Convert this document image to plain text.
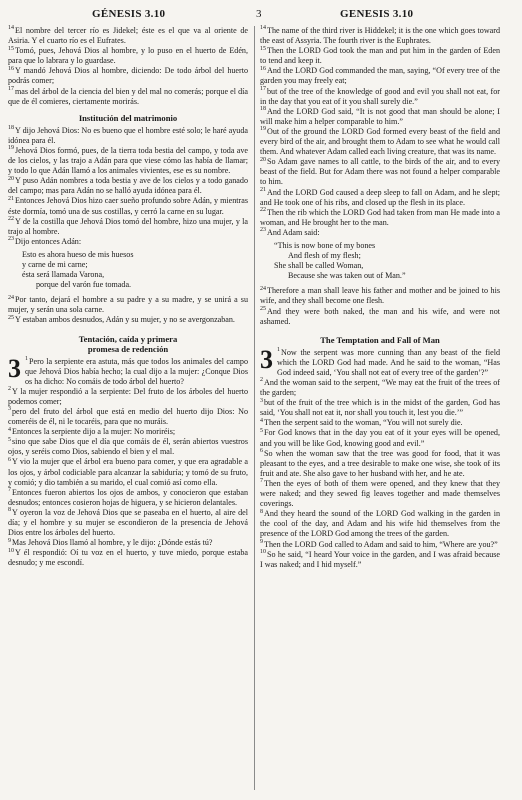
GÉNESIS 3.10	3	GENESIS 3.10

$^{14}$El nombre del tercer río es Jidekel; éste es el que va al oriente de Asiria. Y el cuarto río es el Eufrates.

$^{15}$Tomó, pues, Jehová Dios al hombre, y lo puso en el huerto de Edén, para que lo labrara y lo guardase.

$^{16}$Y mandó Jehová Dios al hombre, diciendo: De todo árbol del huerto podrás comer;

$^{17}$mas del árbol de la ciencia del bien y del mal no comerás; porque el día que de él comieres, ciertamente morirás.

Institución del matrimonio

$^{18}$Y dijo Jehová Dios: No es bueno que el hombre esté solo; le haré ayuda idónea para él.

$^{19}$Jehová Dios formó, pues, de la tierra toda bestia del campo, y toda ave de los cielos, y las trajo a Adán para que viese cómo las había de llamar; y todo lo que Adán llamó a los animales vivientes, ese es su nombre.

$^{20}$Y puso Adán nombres a toda bestia y ave de los cielos y a todo ganado del campo; mas para Adán no se halló ayuda idónea para él.

$^{21}$Entonces Jehová Dios hizo caer sueño profundo sobre Adán, y mientras éste dormía, tomó una de sus costillas, y cerró la carne en su lugar.

$^{22}$Y de la costilla que Jehová Dios tomó del hombre, hizo una mujer, y la trajo al hombre.

$^{23}$Dijo entonces Adán:

Esto es ahora hueso de mis huesos

y carne de mi carne;

ésta será llamada Varona,

porque del varón fue tomada.

$^{24}$Por tanto, dejará el hombre a su padre y a su madre, y se unirá a su mujer, y serán una sola carne.

$^{25}$Y estaban ambos desnudos, Adán y su mujer, y no se avergonzaban.

Tentación, caída y primera
promesa de redención

3 $^1$Pero la serpiente era astuta, más que todos los animales del campo que Jehová Dios había hecho; la cual dijo a la mujer: ¿Conque Dios os ha dicho: No comáis de todo árbol del huerto?

$^2$Y la mujer respondió a la serpiente: Del fruto de los árboles del huerto podemos comer;

$^3$pero del fruto del árbol que está en medio del huerto dijo Dios: No comeréis de él, ni le tocaréis, para que no muráis.

$^4$Entonces la serpiente dijo a la mujer: No moriréis;

$^5$sino que sabe Dios que el día que comáis de él, serán abiertos vuestros ojos, y seréis como Dios, sabiendo el bien y el mal.

$^6$Y vio la mujer que el árbol era bueno para comer, y que era agradable a los ojos, y árbol codiciable para alcanzar la sabiduría; y tomó de su fruto, y comió; y dio también a su marido, el cual comió así como ella.

$^7$Entonces fueron abiertos los ojos de ambos, y conocieron que estaban desnudos; entonces cosieron hojas de higuera, y se hicieron delantales.

$^8$Y oyeron la voz de Jehová Dios que se paseaba en el huerto, al aire del día; y el hombre y su mujer se escondieron de la presencia de Jehová Dios entre los árboles del huerto.

$^9$Mas Jehová Dios llamó al hombre, y le dijo: ¿Dónde estás tú?

$^{10}$Y él respondió: Oí tu voz en el huerto, y tuve miedo, porque estaba desnudo; y me escondí.

$^{14}$The name of the third river is Hiddekel; it is the one which goes toward the east of Assyria. The fourth river is the Euphrates.

$^{15}$Then the LORD God took the man and put him in the garden of Eden to tend and keep it.

$^{16}$And the LORD God commanded the man, saying, “Of every tree of the garden you may freely eat;

$^{17}$but of the tree of the knowledge of good and evil you shall not eat, for in the day that you eat of it you shall surely die.”

$^{18}$And the LORD God said, “It is not good that man should be alone; I will make him a helper comparable to him.”

$^{19}$Out of the ground the LORD God formed every beast of the field and every bird of the air, and brought them to Adam to see what he would call them. And whatever Adam called each living creature, that was its name.

$^{20}$So Adam gave names to all cattle, to the birds of the air, and to every beast of the field. But for Adam there was not found a helper comparable to him.

$^{21}$And the LORD God caused a deep sleep to fall on Adam, and he slept; and He took one of his ribs, and closed up the flesh in its place.

$^{22}$Then the rib which the LORD God had taken from man He made into a woman, and He brought her to the man.

$^{23}$And Adam said:

“This is now bone of my bones

And flesh of my flesh;

She shall be called Woman,

Because she was taken out of Man.”

$^{24}$Therefore a man shall leave his father and mother and be joined to his wife, and they shall become one flesh.

$^{25}$And they were both naked, the man and his wife, and were not ashamed.

The Temptation and Fall of Man

3 $^1$Now the serpent was more cunning than any beast of the field which the LORD God had made. And he said to the woman, “Has God indeed said, ‘You shall not eat of every tree of the garden’?”

$^2$And the woman said to the serpent, “We may eat the fruit of the trees of the garden;

$^3$but of the fruit of the tree which is in the midst of the garden, God has said, ‘You shall not eat it, nor shall you touch it, lest you die.’”

$^4$Then the serpent said to the woman, “You will not surely die.

$^5$For God knows that in the day you eat of it your eyes will be opened, and you will be like God, knowing good and evil.”

$^6$So when the woman saw that the tree was good for food, that it was pleasant to the eyes, and a tree desirable to make one wise, she took of its fruit and ate. She also gave to her husband with her, and he ate.

$^7$Then the eyes of both of them were opened, and they knew that they were naked; and they sewed fig leaves together and made themselves coverings.

$^8$And they heard the sound of the LORD God walking in the garden in the cool of the day, and Adam and his wife hid themselves from the presence of the LORD God among the trees of the garden.

$^9$Then the LORD God called to Adam and said to him, “Where are you?”

$^{10}$So he said, “I heard Your voice in the garden, and I was afraid because I was naked; and I hid myself.”
